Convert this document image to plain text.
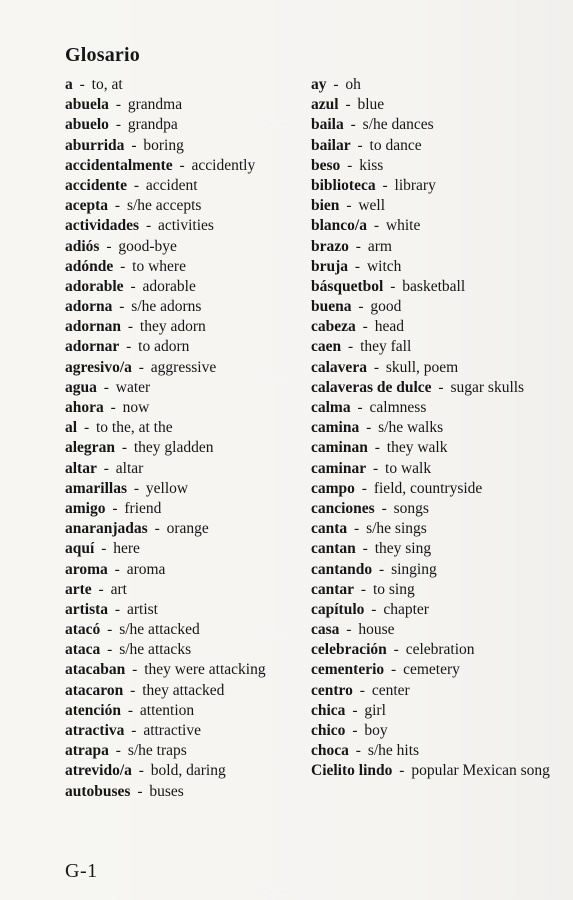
Glosario
a - to, at
abuela - grandma
abuelo - grandpa
aburrida - boring
accidentalmente - accidently
accidente - accident
acepta - s/he accepts
actividades - activities
adiós - good-bye
adónde - to where
adorable - adorable
adorna - s/he adorns
adornan - they adorn
adornar - to adorn
agresivo/a - aggressive
agua - water
ahora - now
al - to the, at the
alegran - they gladden
altar - altar
amarillas - yellow
amigo - friend
anaranjadas - orange
aquí - here
aroma - aroma
arte - art
artista - artist
atacó - s/he attacked
ataca - s/he attacks
atacaban - they were attacking
atacaron - they attacked
atención - attention
atractiva - attractive
atrapa - s/he traps
atrevido/a - bold, daring
autobuses - buses
ay - oh
azul - blue
baila - s/he dances
bailar - to dance
beso - kiss
biblioteca - library
bien - well
blanco/a - white
brazo - arm
bruja - witch
básquetbol - basketball
buena - good
cabeza - head
caen - they fall
calavera - skull, poem
calaveras de dulce - sugar skulls
calma - calmness
camina - s/he walks
caminan - they walk
caminar - to walk
campo - field, countryside
canciones - songs
canta - s/he sings
cantan - they sing
cantando - singing
cantar - to sing
capítulo - chapter
casa - house
celebración - celebration
cementerio - cemetery
centro - center
chica - girl
chico - boy
choca - s/he hits
Cielito lindo - popular Mexican song
G-1
